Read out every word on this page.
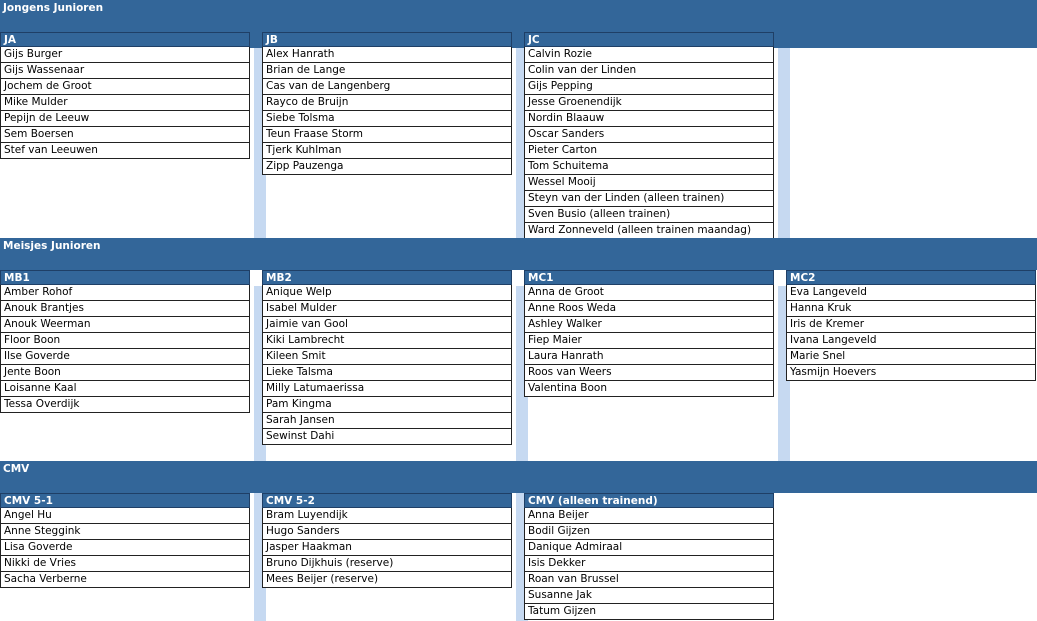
Jongens Junioren
JA
Gijs Burger
Gijs Wassenaar
Jochem de Groot
Mike Mulder
Pepijn de Leeuw
Sem Boersen
Stef van Leeuwen
JB
Alex Hanrath
Brian de Lange
Cas van de Langenberg
Rayco de Bruijn
Siebe Tolsma
Teun Fraase Storm
Tjerk Kuhlman
Zipp Pauzenga
JC
Calvin Rozie
Colin van der Linden
Gijs Pepping
Jesse Groenendijk
Nordin Blaauw
Oscar Sanders
Pieter Carton
Tom Schuitema
Wessel Mooij
Steyn van der Linden (alleen trainen)
Sven Busio (alleen trainen)
Ward Zonneveld (alleen trainen maandag)
Meisjes Junioren
MB1
Amber Rohof
Anouk Brantjes
Anouk Weerman
Floor Boon
Ilse Goverde
Jente Boon
Loisanne Kaal
Tessa Overdijk
MB2
Anique Welp
Isabel Mulder
Jaimie van Gool
Kiki Lambrecht
Kileen Smit
Lieke Talsma
Milly Latumaerissa
Pam Kingma
Sarah Jansen
Sewinst Dahi
MC1
Anna de Groot
Anne Roos Weda
Ashley Walker
Fiep Maier
Laura Hanrath
Roos van Weers
Valentina Boon
MC2
Eva Langeveld
Hanna Kruk
Iris de Kremer
Ivana Langeveld
Marie Snel
Yasmijn Hoevers
CMV
CMV 5-1
Angel Hu
Anne Steggink
Lisa Goverde
Nikki de Vries
Sacha Verberne
CMV 5-2
Bram Luyendijk
Hugo Sanders
Jasper Haakman
Bruno Dijkhuis (reserve)
Mees Beijer (reserve)
CMV (alleen trainend)
Anna Beijer
Bodil Gijzen
Danique Admiraal
Isis Dekker
Roan van Brussel
Susanne Jak
Tatum Gijzen
